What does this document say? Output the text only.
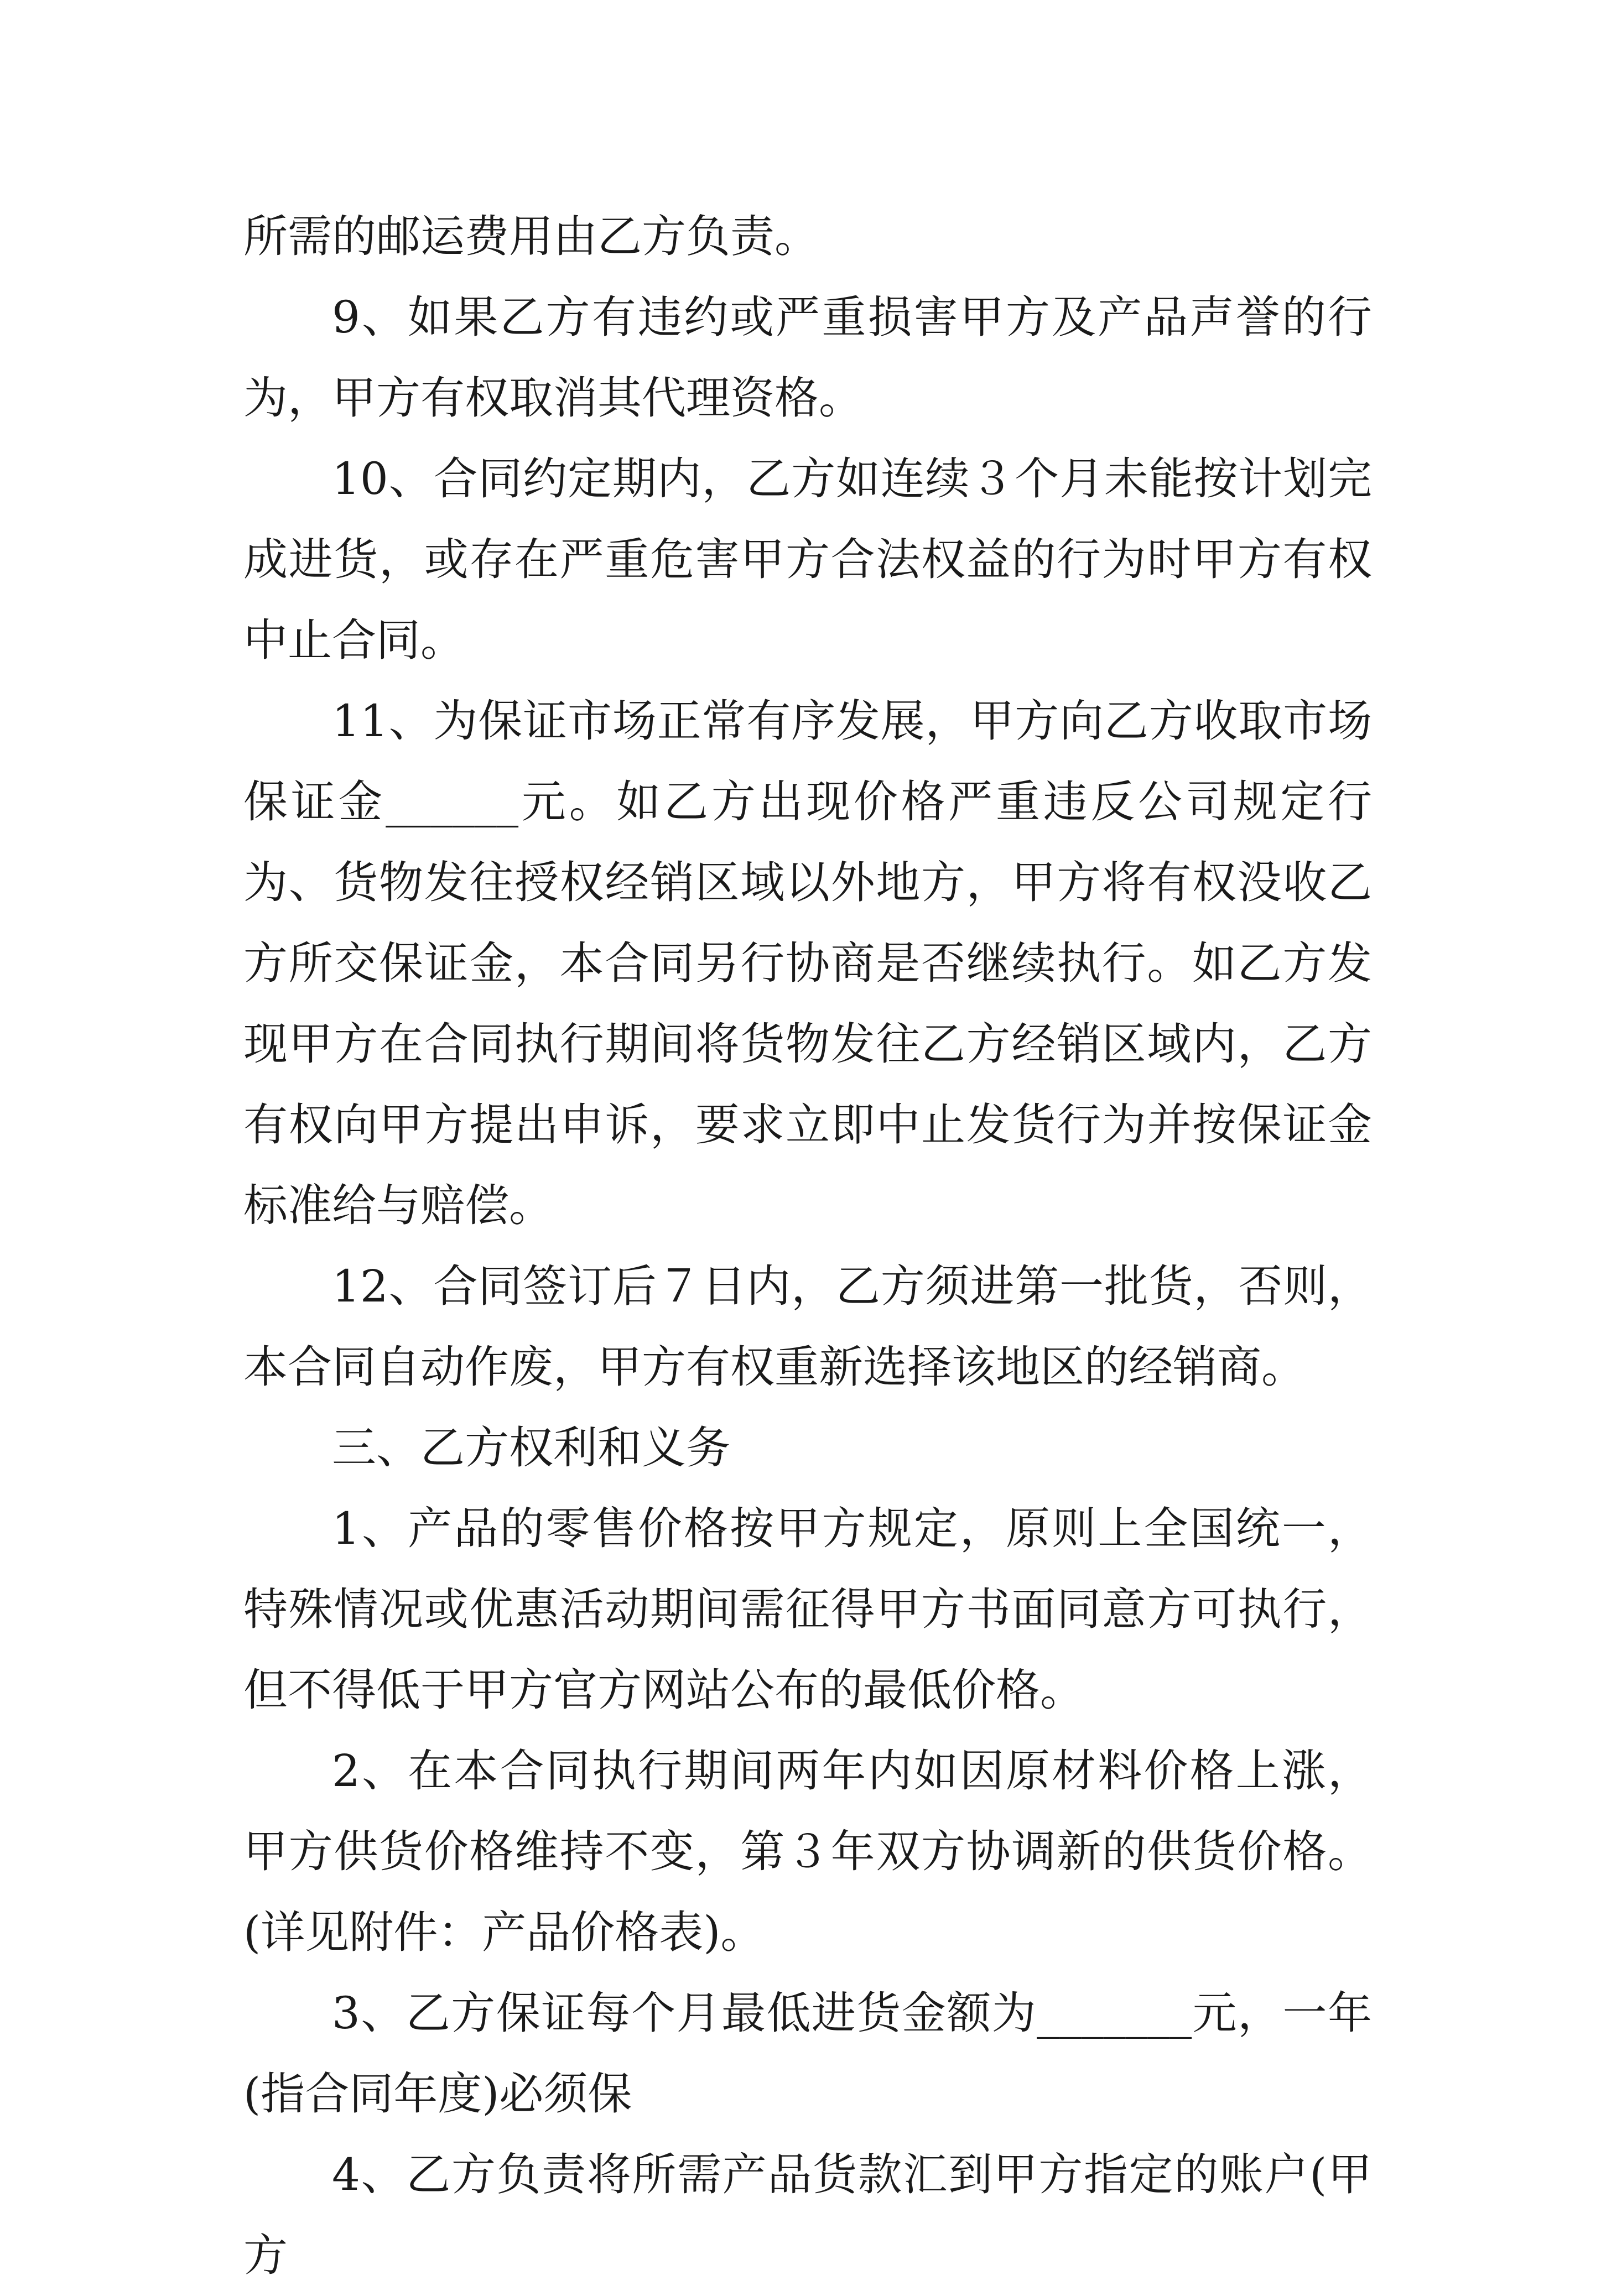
所需的邮运费用由乙方负责。

9、如果乙方有违约或严重损害甲方及产品声誉的行为，甲方有权取消其代理资格。

10、合同约定期内，乙方如连续３个月未能按计划完成进货，或存在严重危害甲方合法权益的行为时甲方有权中止合同。

11、为保证市场正常有序发展，甲方向乙方收取市场保证金______元。如乙方出现价格严重违反公司规定行为、货物发往授权经销区域以外地方，甲方将有权没收乙方所交保证金，本合同另行协商是否继续执行。如乙方发现甲方在合同执行期间将货物发往乙方经销区域内，乙方有权向甲方提出申诉，要求立即中止发货行为并按保证金标准给与赔偿。

12、合同签订后７日内，乙方须进第一批货，否则，本合同自动作废，甲方有权重新选择该地区的经销商。

三、乙方权利和义务

1、产品的零售价格按甲方规定，原则上全国统一，特殊情况或优惠活动期间需征得甲方书面同意方可执行，但不得低于甲方官方网站公布的最低价格。

2、在本合同执行期间两年内如因原材料价格上涨，甲方供货价格维持不变，第３年双方协调新的供货价格。(详见附件：产品价格表)。

3、乙方保证每个月最低进货金额为_______元，一年(指合同年度)必须保

4、乙方负责将所需产品货款汇到甲方指定的账户(甲方
